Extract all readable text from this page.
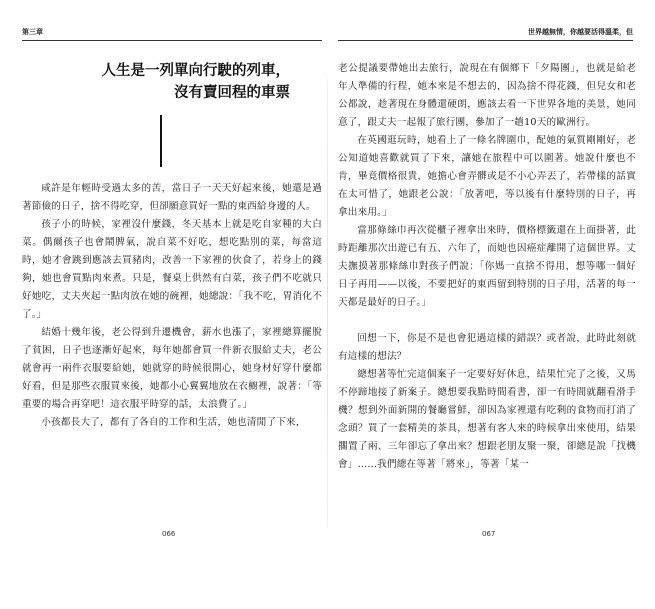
第三章	世界越無情，你越要活得溫柔，但
人生是一列單向行駛的列車，
沒有賣回程的車票

咸許是年輕時受過太多的苦，當日子一天天好起來後，她還是過著節儉的日子，捨不得吃穿，但卻願意買好一點的東西給身邊的人。

孩子小的時候，家裡沒什麼錢，冬天基本上就是吃自家種的大白菜。偶爾孩子也會鬧脾氣，說自菜不好吃，想吃點別的菜，每當這時，她才會跳到應該去買豬肉，改善一下家裡的伙食了，若身上的錢夠，她也會買點肉來煮。只是，餐桌上供然有白菜，孩子們不吃就只好她吃，丈夫夾起一點肉放在她的碗裡，她總說：「我不吃，胃消化不了。」

結婚十幾年後，老公得到升遷機會，薪水也漲了，家裡總算擺脫了貧困，日子也逐漸好起來，每年她都會買一件新衣服給丈夫，老公就會再一兩件衣服要給她，她就穿的時候很開心，她身材好穿什麼都好看，但是那些衣服買來後，她都小心翼翼地放在衣櫥裡，說著：「等重要的場合再穿吧！這衣服平時穿的話，太浪費了。」

小孩都長大了，都有了各自的工作和生活，她也清閒了下來，

老公提議要帶她出去旅行，說現在有個鄉下「夕陽團」，也就是給老年人準備的行程，她本來是不想去的，因為捨不得花錢，但兒女和老公都說，趁著現在身體還硬朗，應該去看一下世界各地的美景，她同意了，跟丈夫一起報了旅行團，參加了一趟10天的歐洲行。

在英國逛玩時，她看上了一條名牌圍巾，配她的氣質剛剛好，老公知道她喜歡就買了下來，讓她在旅程中可以圍著。她說什麼也不肯，畢竟價格很貴，她擔心會弄髒或是不小心弄丟了，若帶樣的話實在太可惜了，她跟老公說：「放著吧，等以後有什麼特別的日子，再拿出來用。」

當那條絲巾再次從櫃子裡拿出來時，價格標籤還在上面掛著，此時距離那次出遊已有五、六年了，而她也因癌症離開了這個世界。丈夫撫摸著那條絲巾對孩子們說：「你媽一直捨不得用，想等哪一個好日子再用——以後，不要把好的東西留到特別的日子用，活著的每一天都是最好的日子。」

回想一下，你是不是也會犯過這樣的錯誤？或者說，此時此刻就有這樣的想法？

總想著等忙完這個案子一定要好好休息，結果忙完了之後，又馬不停蹄地接了新案子。總想要我點時間看書，卻一有時間就翻看滑手機？想到外面新開的餐廳嘗鮮，卻因為家裡還有吃剩的食物而打消了念頭？買了一套精美的茶具，想著有客人來的時候拿出來使用，結果擱置了兩、三年卻忘了拿出來？想跟老朋友聚一聚，卻總是說「找機會」……我們總在等著「將來」，等著「某一

066	067
